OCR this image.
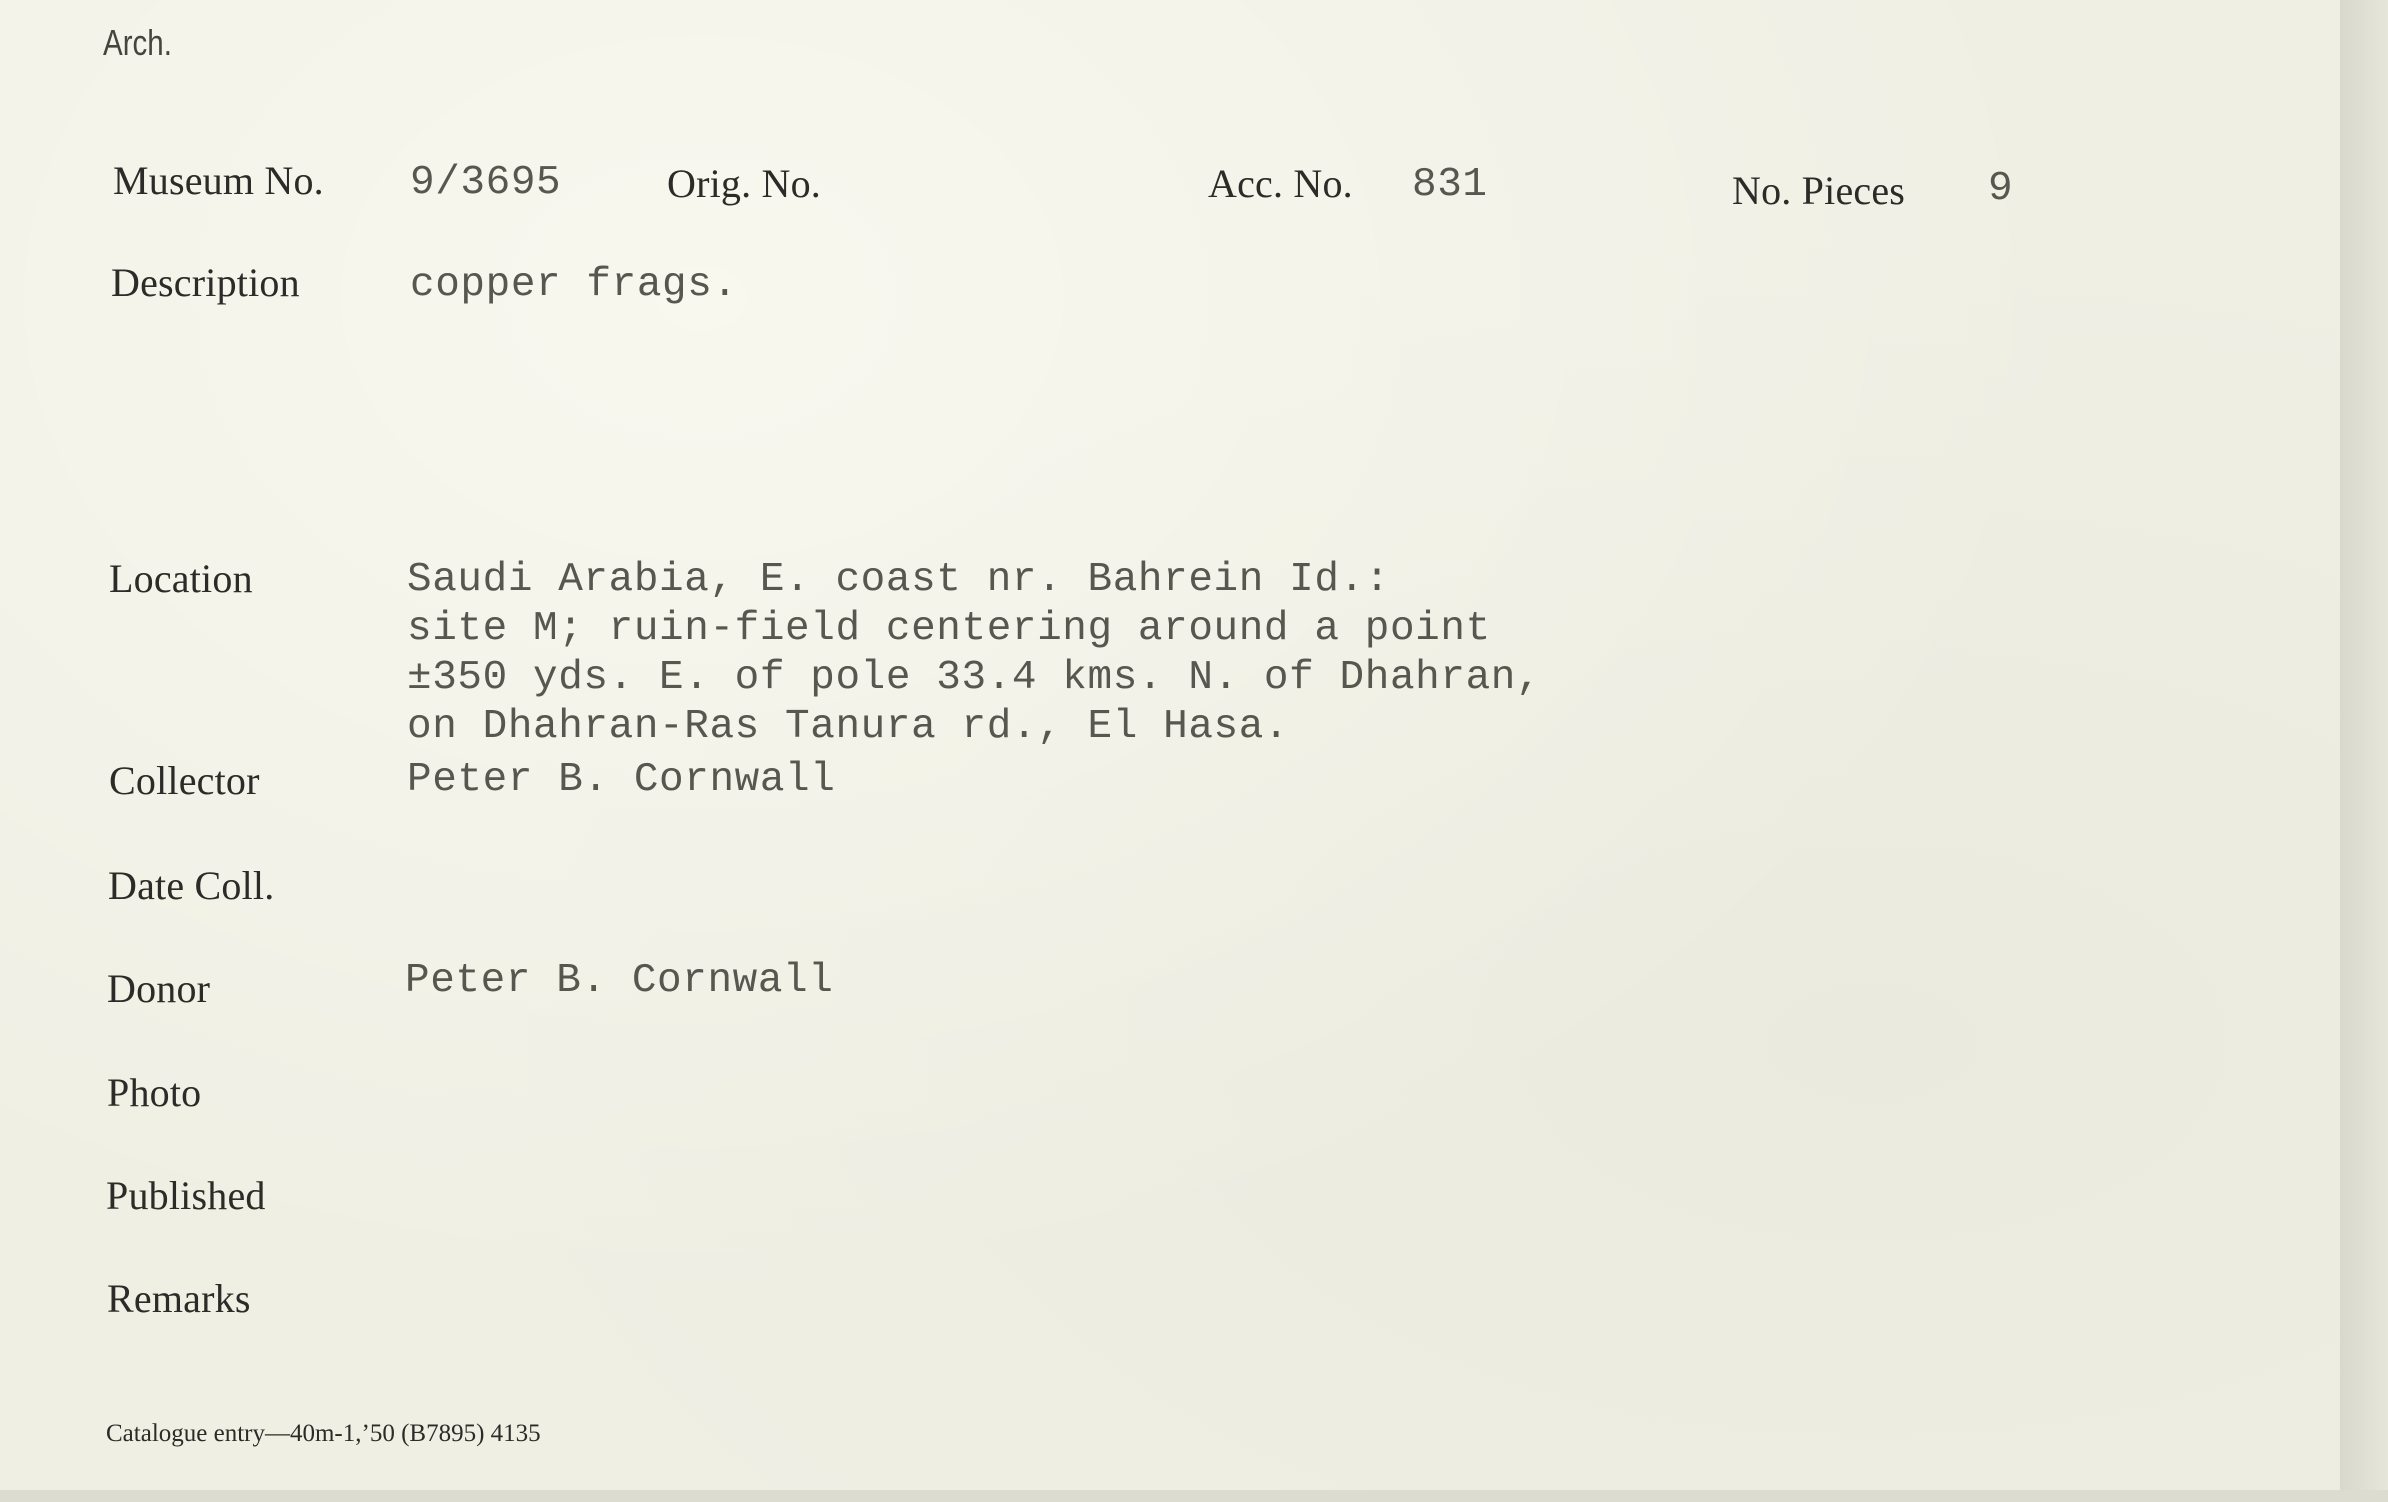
Arch.
Museum No. 9/3695	Orig. No.	Acc. No. 831	No. Pieces 9
Description	copper frags.
Location	Saudi Arabia, E. coast nr. Bahrein Id.:
site M; ruin-field centering around a point
±350 yds. E. of pole 33.4 kms. N. of Dhahran,
on Dhahran-Ras Tanura rd., El Hasa.
Collector	Peter B. Cornwall
Date Coll.
Donor	Peter B. Cornwall
Photo
Published
Remarks
Catalogue entry—40m-1,’50 (B7895) 4135
